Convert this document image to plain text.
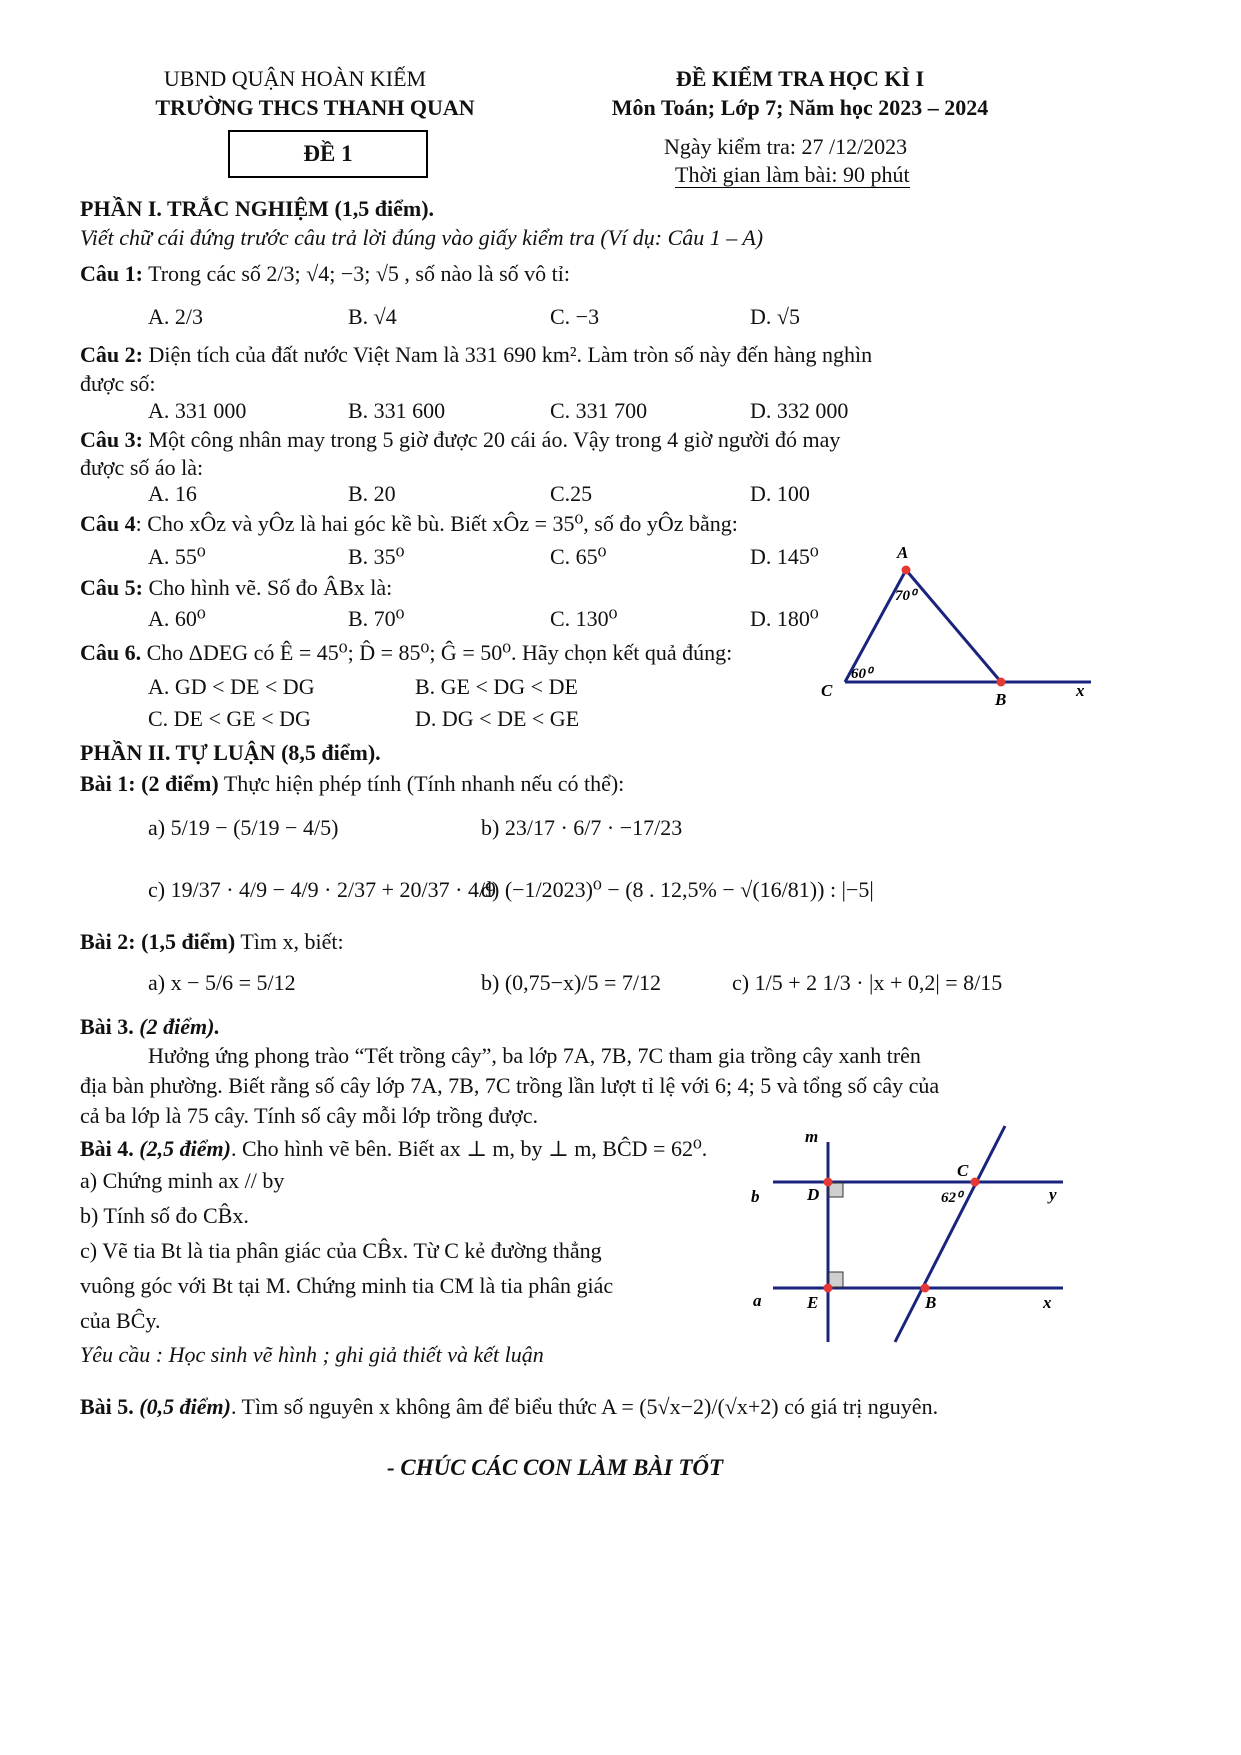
UBND QUẬN HOÀN KIẾM
TRƯỜNG THCS THANH QUAN
ĐỀ 1
ĐỀ KIỂM TRA HỌC KÌ I
Môn Toán; Lớp 7; Năm học 2023 – 2024
Ngày kiểm tra: 27 /12/2023
Thời gian làm bài: 90 phút
PHẦN I. TRẮC NGHIỆM (1,5 điểm).
Viết chữ cái đứng trước câu trả lời đúng vào giấy kiểm tra (Ví dụ: Câu 1 – A)
Câu 1: Trong các số 2/3; √4; −3; √5 , số nào là số vô tỉ:
A. 2/3	B. √4	C. −3	D. √5
Câu 2: Diện tích của đất nước Việt Nam là 331 690 km². Làm tròn số này đến hàng nghìn
được số:
A. 331 000	B. 331 600	C. 331 700	D. 332 000
Câu 3: Một công nhân may trong 5 giờ được 20 cái áo. Vậy trong 4 giờ người đó may
được số áo là:
A. 16	B. 20	C.25	D. 100
Câu 4: Cho xÔz và yÔz là hai góc kề bù. Biết xÔz = 35⁰, số đo yÔz bằng:
A. 55⁰	B. 35⁰	C. 65⁰	D. 145⁰
Câu 5: Cho hình vẽ. Số đo ÂBx là:
A. 60⁰	B. 70⁰	C. 130⁰	D. 180⁰
Câu 6. Cho ΔDEG có Ê = 45⁰; D̂ = 85⁰; Ĝ = 50⁰. Hãy chọn kết quả đúng:
A. GD < DE < DG	B. GE < DG < DE
C. DE < GE < DG	D. DG < DE < GE
A
B
C	x
70⁰
60⁰
PHẦN II. TỰ LUẬN (8,5 điểm).
Bài 1: (2 điểm) Thực hiện phép tính (Tính nhanh nếu có thể):
a) 5/19 − (5/19 − 4/5)	b) 23/17 · 6/7 · −17/23
c) 19/37 · 4/9 − 4/9 · 2/37 + 20/37 · 4/9
d) (−1/2023)⁰ − (8 . 12,5% − √(16/81)) : |−5|
Bài 2: (1,5 điểm) Tìm x, biết:
a) x − 5/6 = 5/12	b) (0,75−x)/5 = 7/12	c) 1/5 + 2 1/3 · |x + 0,2| = 8/15
Bài 3. (2 điểm).
Hưởng ứng phong trào “Tết trồng cây”, ba lớp 7A, 7B, 7C tham gia trồng cây xanh trên
địa bàn phường. Biết rằng số cây lớp 7A, 7B, 7C trồng lần lượt tỉ lệ với 6; 4; 5 và tổng số cây của
cả ba lớp là 75 cây. Tính số cây mỗi lớp trồng được.
Bài 4. (2,5 điểm). Cho hình vẽ bên. Biết ax ⊥ m, by ⊥ m, BĈD = 62⁰.
a) Chứng minh ax // by
b) Tính số đo CB̂x.
c) Vẽ tia Bt là tia phân giác của CB̂x. Từ C kẻ đường thẳng
vuông góc với Bt tại M. Chứng minh tia CM là tia phân giác
của BĈy.
Yêu cầu : Học sinh vẽ hình ; ghi giả thiết và kết luận
m
b	D
C
y
a	E	B	x
62⁰
Bài 5. (0,5 điểm). Tìm số nguyên x không âm để biểu thức A = (5√x−2)/(√x+2) có giá trị nguyên.
- CHÚC CÁC CON LÀM BÀI TỐT
